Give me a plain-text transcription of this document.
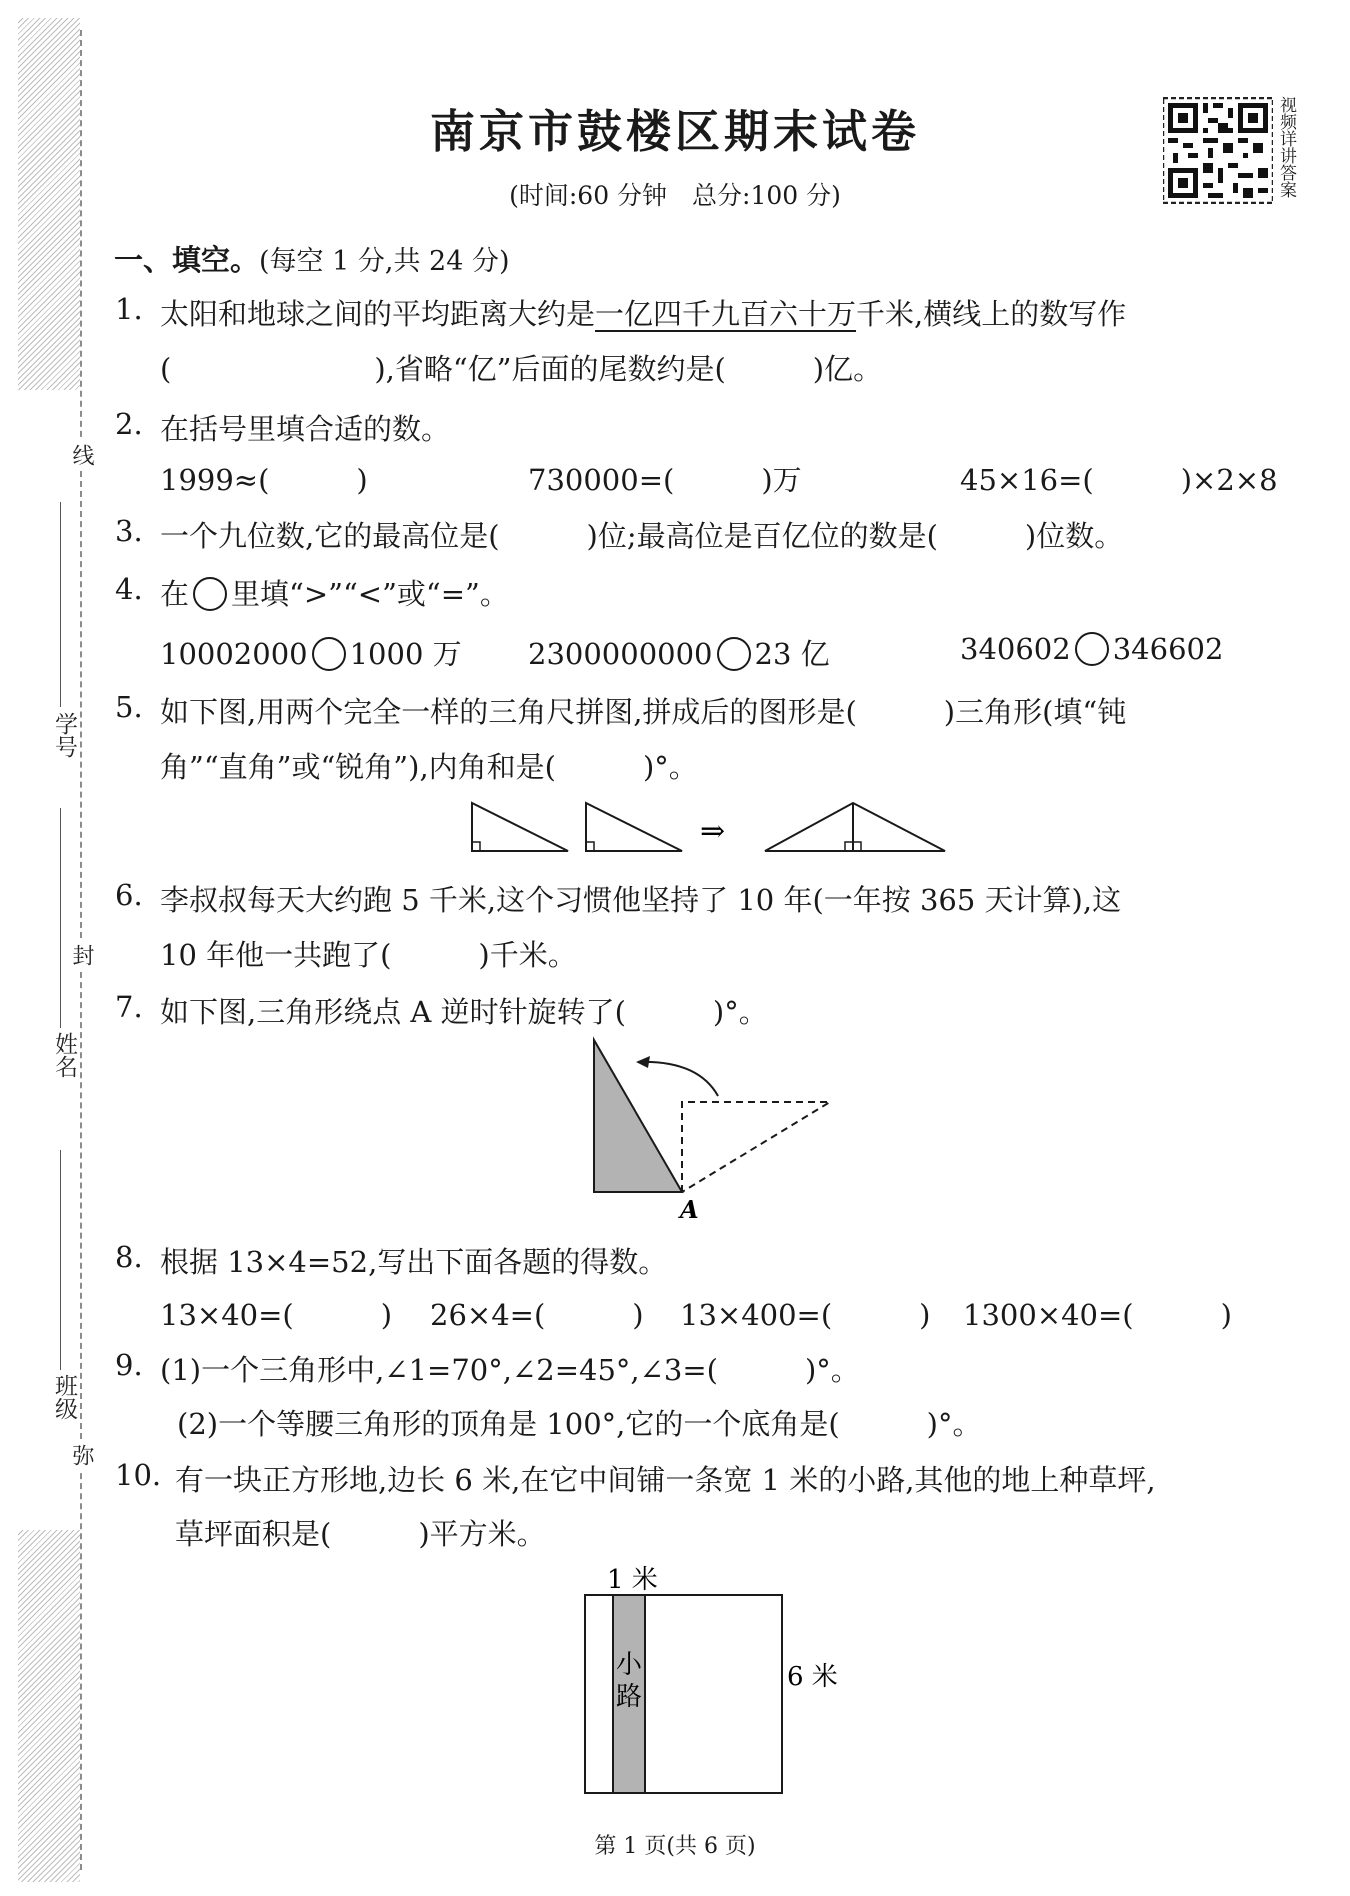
线
封
弥
学号
姓名
班级
南京市鼓楼区期末试卷
(时间:60 分钟　总分:100 分)	视频详讲答案
一、填空。(每空 1 分,共 24 分)
1. 太阳和地球之间的平均距离大约是一亿四千九百六十万千米,横线上的数写作
(　　　　　　　),省略“亿”后面的尾数约是(　　　)亿。
2. 在括号里填合适的数。
1999≈(　　　)	730000=(　　　)万	45×16=(　　　)×2×8
3. 一个九位数,它的最高位是(　　　)位;最高位是百亿位的数是(　　　)位数。
4. 在 里填“>”“<”或“=”。
10002000 1000 万 2300000000 23 亿	340602 346602
5. 如下图,用两个完全一样的三角尺拼图,拼成后的图形是(　　　)三角形(填“钝
角”“直角”或“锐角”),内角和是(　　　)°。
⇒
6. 李叔叔每天大约跑 5 千米,这个习惯他坚持了 10 年(一年按 365 天计算),这
10 年他一共跑了(　　　)千米。
7. 如下图,三角形绕点 A 逆时针旋转了(　　　)°。
A
8. 根据 13×4=52,写出下面各题的得数。
13×40=(　　　) 26×4=(　　　) 13×400=(　　　) 1300×40=(　　　)
9. (1)一个三角形中,∠1=70°,∠2=45°,∠3=(　　　)°。
(2)一个等腰三角形的顶角是 100°,它的一个底角是(　　　)°。
10. 有一块正方形地,边长 6 米,在它中间铺一条宽 1 米的小路,其他的地上种草坪,
草坪面积是(　　　)平方米。
1 米
小
路
6 米
第 1 页(共 6 页)
